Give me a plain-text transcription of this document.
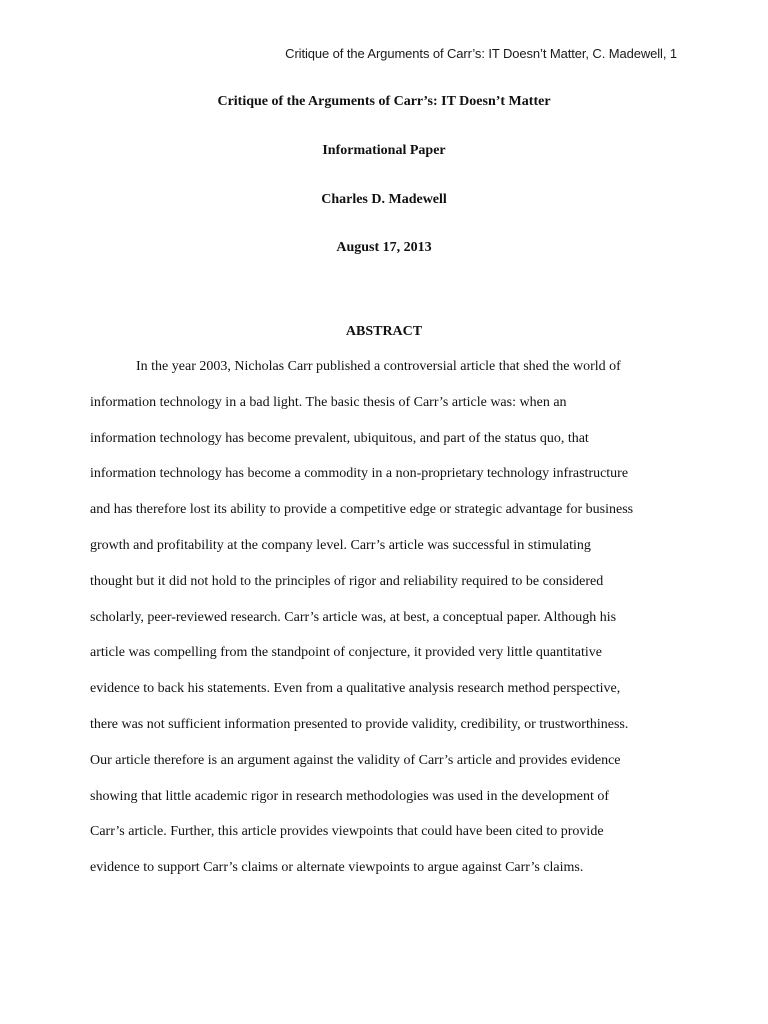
Critique of the Arguments of Carr’s: IT Doesn’t Matter, C. Madewell, 1
Critique of the Arguments of Carr’s: IT Doesn’t Matter
Informational Paper
Charles D. Madewell
August 17, 2013
ABSTRACT
In the year 2003, Nicholas Carr published a controversial article that shed the world of
information technology in a bad light. The basic thesis of Carr’s article was: when an
information technology has become prevalent, ubiquitous, and part of the status quo, that
information technology has become a commodity in a non-proprietary technology infrastructure
and has therefore lost its ability to provide a competitive edge or strategic advantage for business
growth and profitability at the company level. Carr’s article was successful in stimulating
thought but it did not hold to the principles of rigor and reliability required to be considered
scholarly, peer-reviewed research. Carr’s article was, at best, a conceptual paper. Although his
article was compelling from the standpoint of conjecture, it provided very little quantitative
evidence to back his statements. Even from a qualitative analysis research method perspective,
there was not sufficient information presented to provide validity, credibility, or trustworthiness.
Our article therefore is an argument against the validity of Carr’s article and provides evidence
showing that little academic rigor in research methodologies was used in the development of
Carr’s article. Further, this article provides viewpoints that could have been cited to provide
evidence to support Carr’s claims or alternate viewpoints to argue against Carr’s claims.
